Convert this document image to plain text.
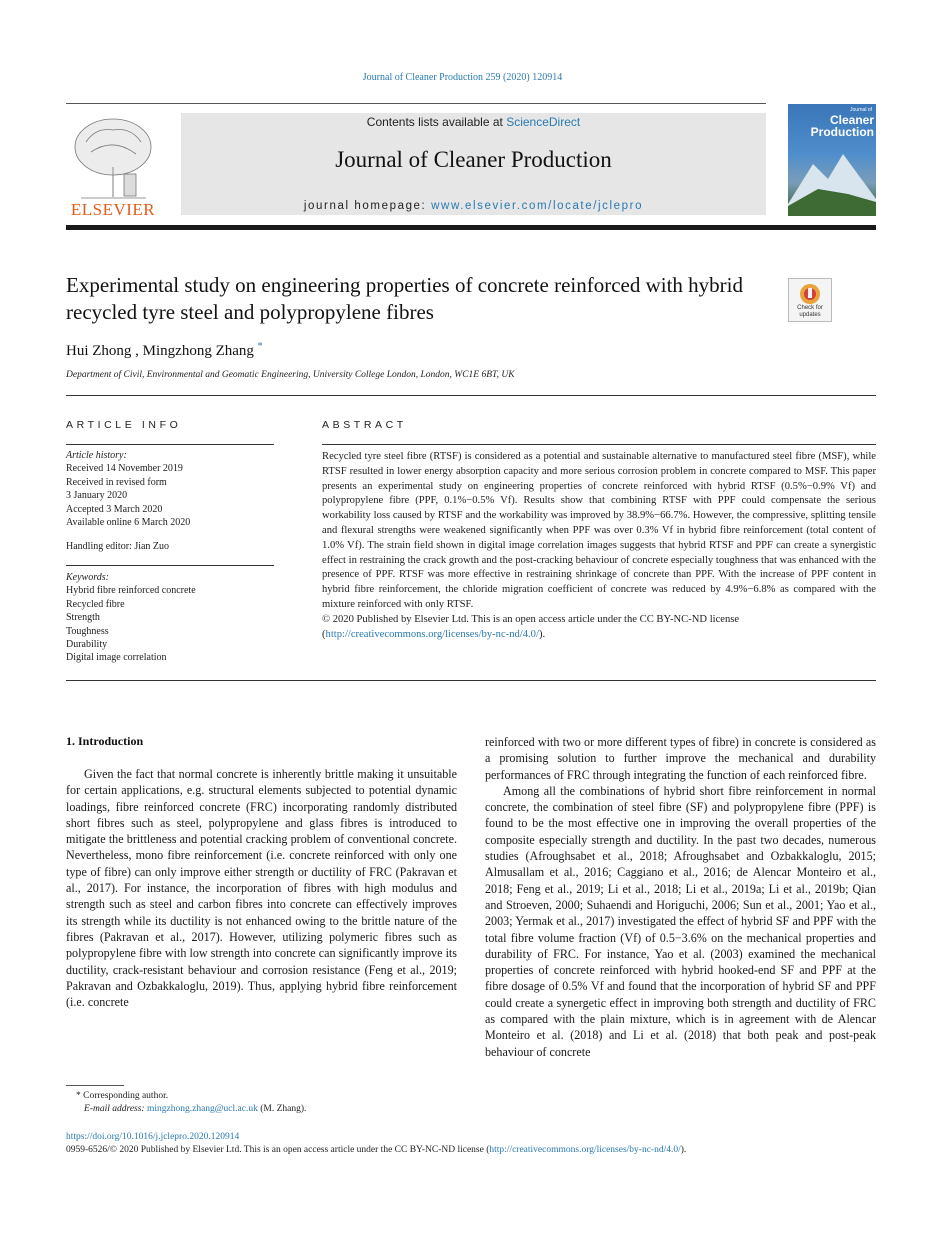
Journal of Cleaner Production 259 (2020) 120914
ELSEVIER
Contents lists available at ScienceDirect
Journal of Cleaner Production
journal homepage: www.elsevier.com/locate/jclepro
Journal of
Cleaner Production
Experimental study on engineering properties of concrete reinforced with hybrid recycled tyre steel and polypropylene fibres	Check for updates
Hui Zhong , Mingzhong Zhang *
Department of Civil, Environmental and Geomatic Engineering, University College London, London, WC1E 6BT, UK
ARTICLE INFO
Article history:
Received 14 November 2019
Received in revised form
3 January 2020
Accepted 3 March 2020
Available online 6 March 2020
Handling editor: Jian Zuo
Keywords:
Hybrid fibre reinforced concrete
Recycled fibre
Strength
Toughness
Durability
Digital image correlation
ABSTRACT

Recycled tyre steel fibre (RTSF) is considered as a potential and sustainable alternative to manufactured steel fibre (MSF), while RTSF resulted in lower energy absorption capacity and more serious corrosion problem in concrete compared to MSF. This paper presents an experimental study on engineering properties of concrete reinforced with hybrid RTSF (0.5%−0.9% Vf) and polypropylene fibre (PPF, 0.1%−0.5% Vf). Results show that combining RTSF with PPF could compensate the serious workability loss caused by RTSF and the workability was improved by 38.9%−66.7%. However, the compressive, splitting tensile and flexural strengths were weakened significantly when PPF was over 0.3% Vf in hybrid fibre reinforcement (total content of 1.0% Vf). The strain field shown in digital image correlation images suggests that hybrid RTSF and PPF can create a synergistic effect in restraining the crack growth and the post-cracking behaviour of concrete especially toughness that was enhanced with the presence of PPF. RTSF was more effective in restraining shrinkage of concrete than PPF. With the increase of PPF content in hybrid fibre reinforcement, the chloride migration coefficient of concrete was reduced by 4.9%−6.8% as compared with the mixture reinforced with only RTSF.

© 2020 Published by Elsevier Ltd. This is an open access article under the CC BY-NC-ND license (http://creativecommons.org/licenses/by-nc-nd/4.0/).

1. Introduction

Given the fact that normal concrete is inherently brittle making it unsuitable for certain applications, e.g. structural elements subjected to potential dynamic loadings, fibre reinforced concrete (FRC) incorporating randomly distributed short fibres such as steel, polypropylene and glass fibres is introduced to mitigate the brittleness and potential cracking problem of conventional concrete. Nevertheless, mono fibre reinforcement (i.e. concrete reinforced with only one type of fibre) can only improve either strength or ductility of FRC (Pakravan et al., 2017). For instance, the incorporation of fibres with high modulus and strength such as steel and carbon fibres into concrete can effectively improves its strength while its ductility is not enhanced owing to the brittle nature of the fibres (Pakravan et al., 2017). However, utilizing polymeric fibres such as polypropylene fibre with low strength into concrete can significantly improve its ductility, crack-resistant behaviour and corrosion resistance (Feng et al., 2019; Pakravan and Ozbakkaloglu, 2019). Thus, applying hybrid fibre reinforcement (i.e. concrete

reinforced with two or more different types of fibre) in concrete is considered as a promising solution to further improve the mechanical and durability performances of FRC through integrating the function of each reinforced fibre.

Among all the combinations of hybrid short fibre reinforcement in normal concrete, the combination of steel fibre (SF) and polypropylene fibre (PPF) is found to be the most effective one in improving the overall properties of the composite especially strength and ductility. In the past two decades, numerous studies (Afroughsabet et al., 2018; Afroughsabet and Ozbakkaloglu, 2015; Almusallam et al., 2016; Caggiano et al., 2016; de Alencar Monteiro et al., 2018; Feng et al., 2019; Li et al., 2018; Li et al., 2019a; Li et al., 2019b; Qian and Stroeven, 2000; Suhaendi and Horiguchi, 2006; Sun et al., 2001; Yao et al., 2003; Yermak et al., 2017) investigated the effect of hybrid SF and PPF with the total fibre volume fraction (Vf) of 0.5−3.6% on the mechanical properties and durability of FRC. For instance, Yao et al. (2003) examined the mechanical properties of concrete reinforced with hybrid hooked-end SF and PPF at the fibre dosage of 0.5% Vf and found that the incorporation of hybrid SF and PPF could create a synergetic effect in improving both strength and ductility of FRC as compared with the plain mixture, which is in agreement with de Alencar Monteiro et al. (2018) and Li et al. (2018) that both peak and post-peak behaviour of concrete

* Corresponding author.
E-mail address: mingzhong.zhang@ucl.ac.uk (M. Zhang).
https://doi.org/10.1016/j.jclepro.2020.120914
0959-6526/© 2020 Published by Elsevier Ltd. This is an open access article under the CC BY-NC-ND license (http://creativecommons.org/licenses/by-nc-nd/4.0/).
